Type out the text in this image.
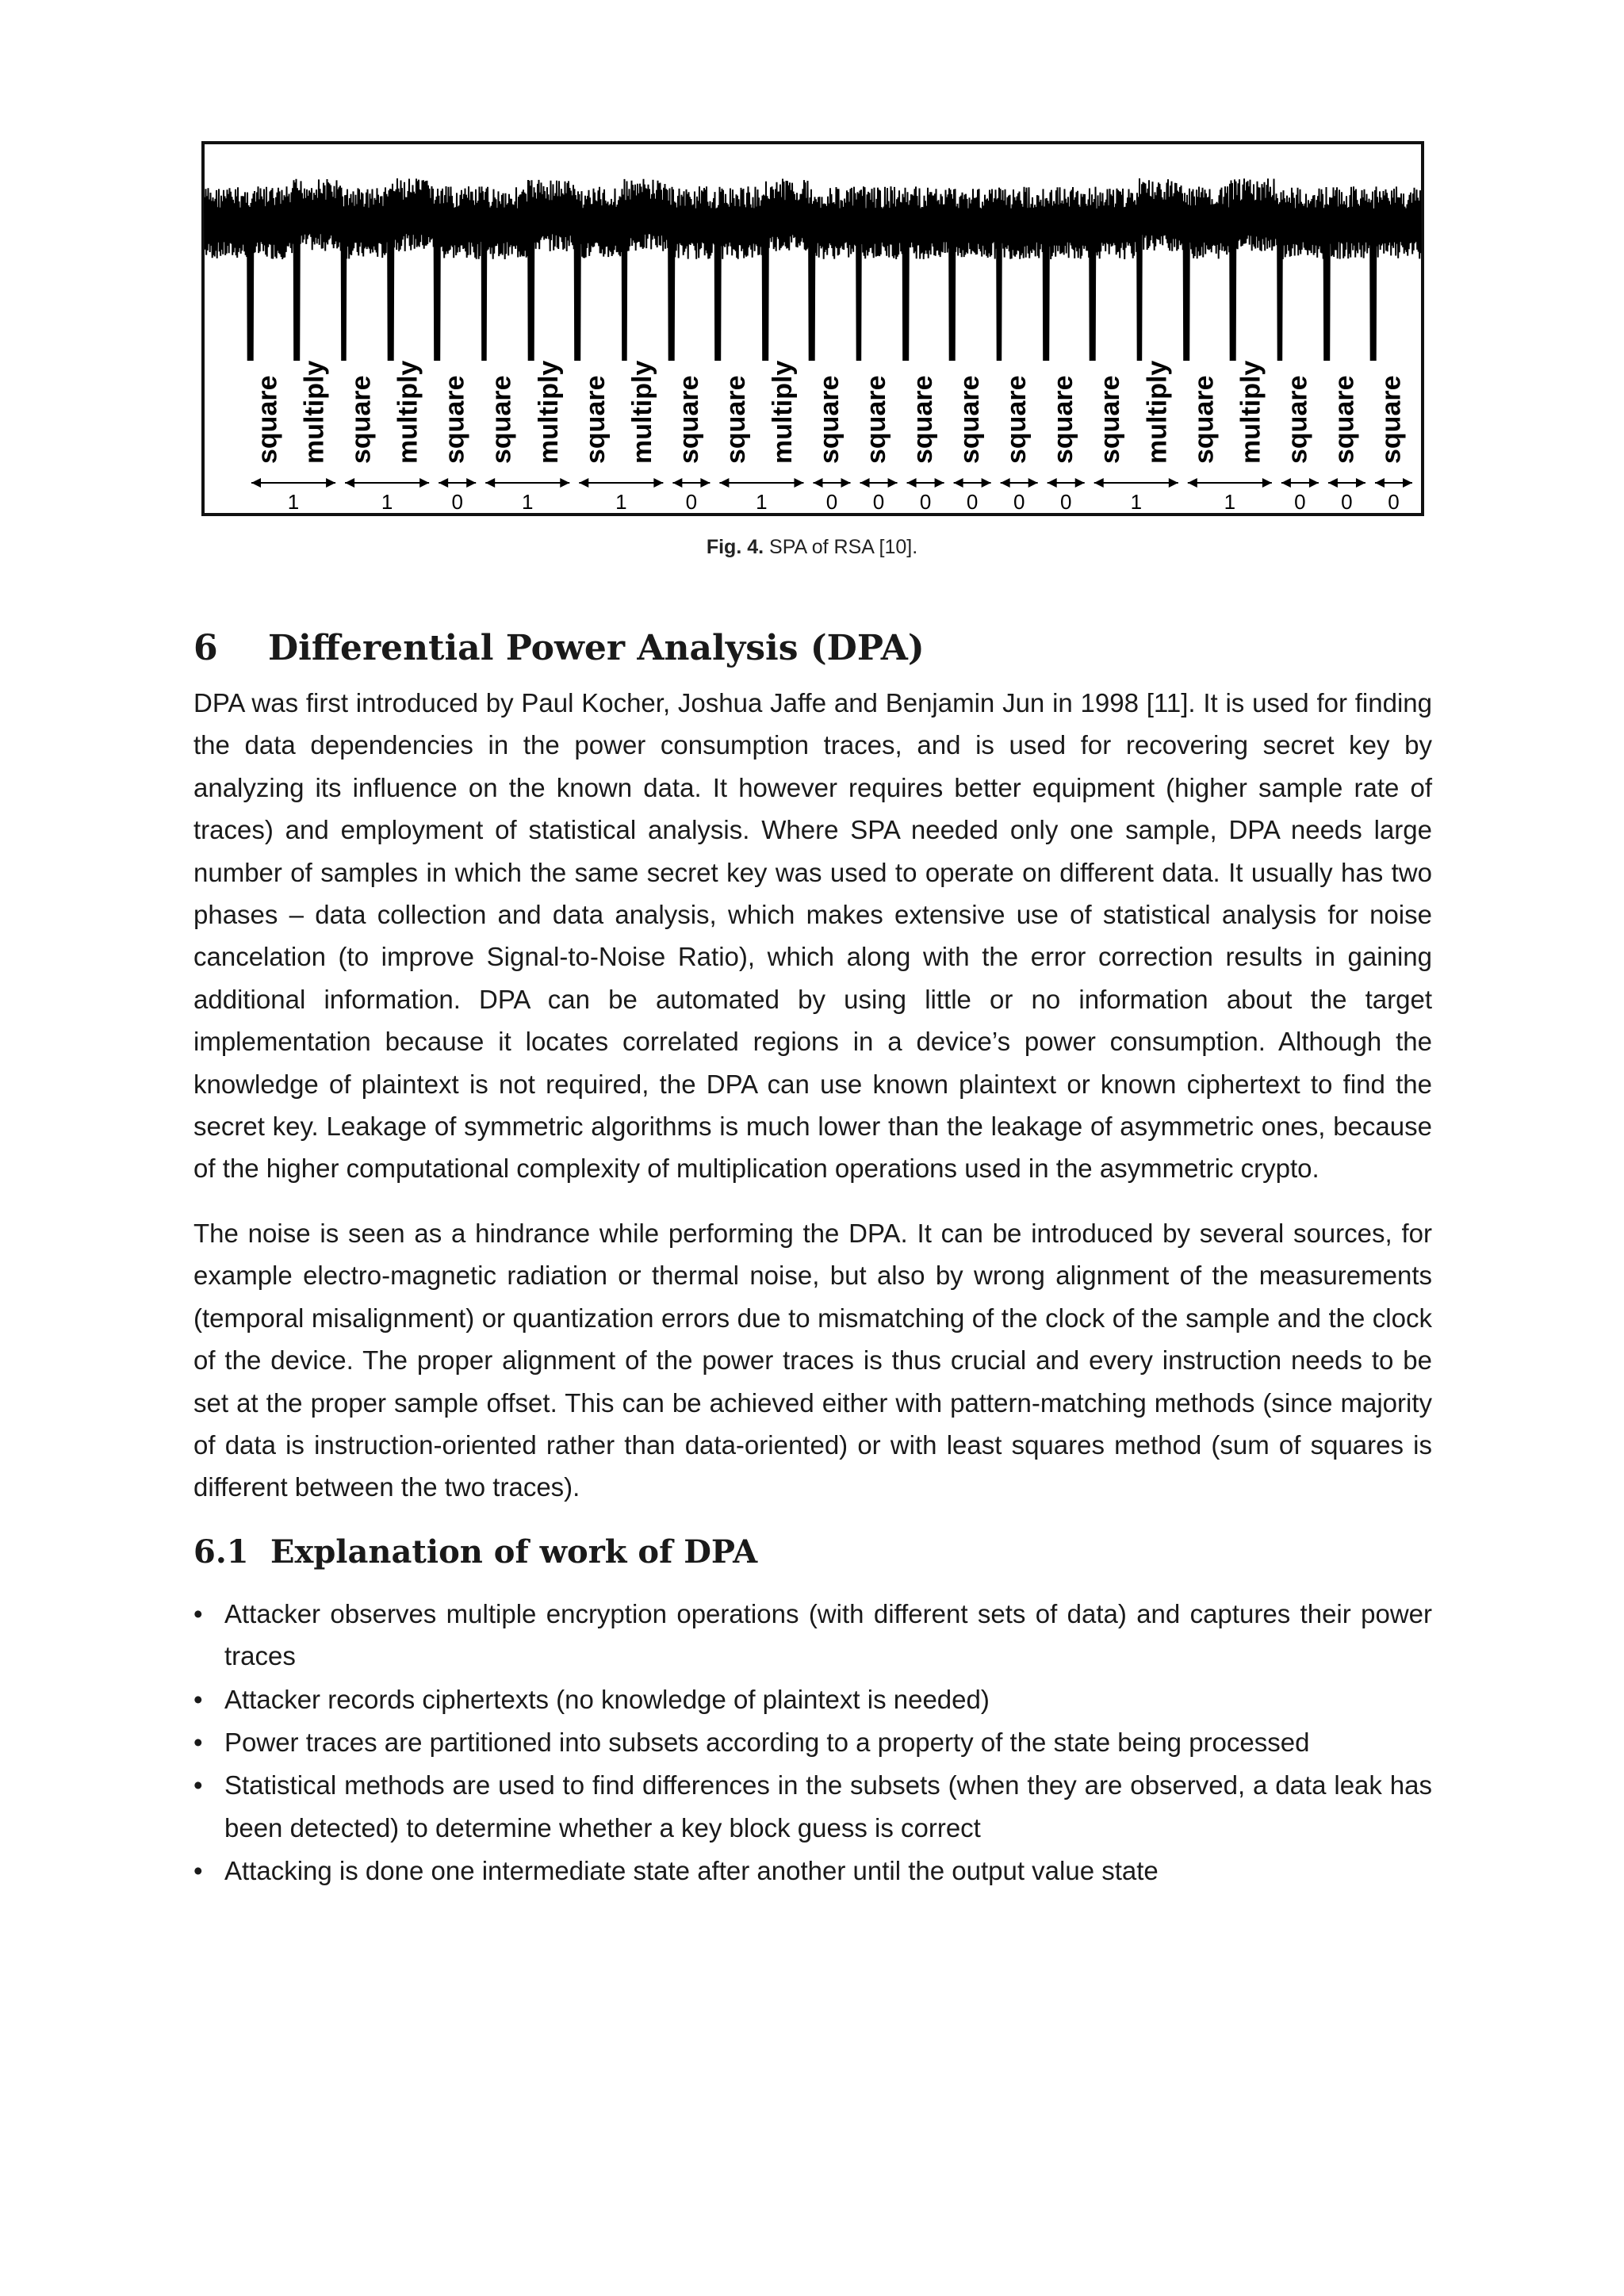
square multiply square multiply square square multiply square multiply square square multiply square square square square square square square multiply square multiply square square square
1	1	0	1	1	0	1	0 0 0 0 0 0	1	1	0 0 0
Fig. 4. SPA of RSA [10].
6 Differential Power Analysis (DPA)

DPA was first introduced by Paul Kocher, Joshua Jaffe and Benjamin Jun in 1998 [11]. It is used for finding the data dependencies in the power consumption traces, and is used for recovering secret key by analyzing its influence on the known data. It however requires better equipment (higher sample rate of traces) and employment of statistical analysis. Where SPA needed only one sample, DPA needs large number of samples in which the same secret key was used to operate on different data. It usually has two phases – data collection and data analysis, which makes extensive use of statistical analysis for noise cancelation (to improve Signal-to-Noise Ratio), which along with the error correction results in gaining additional information. DPA can be automated by using little or no information about the target implementation because it locates correlated regions in a device’s power consumption. Although the knowledge of plaintext is not required, the DPA can use known plaintext or known ciphertext to find the secret key. Leakage of symmetric algorithms is much lower than the leakage of asymmetric ones, because of the higher computational complexity of multiplication operations used in the asymmetric crypto.

The noise is seen as a hindrance while performing the DPA. It can be introduced by several sources, for example electro-magnetic radiation or thermal noise, but also by wrong alignment of the measurements (temporal misalignment) or quantization errors due to mismatching of the clock of the sample and the clock of the device. The proper alignment of the power traces is thus crucial and every instruction needs to be set at the proper sample offset. This can be achieved either with pattern-matching methods (since majority of data is instruction-oriented rather than data-oriented) or with least squares method (sum of squares is different between the two traces).

6.1 Explanation of work of DPA
• Attacker observes multiple encryption operations (with different sets of data) and captures their power traces
• Attacker records ciphertexts (no knowledge of plaintext is needed)
• Power traces are partitioned into subsets according to a property of the state being processed
• Statistical methods are used to find differences in the subsets (when they are observed, a data leak has been detected) to determine whether a key block guess is correct
• Attacking is done one intermediate state after another until the output value state
